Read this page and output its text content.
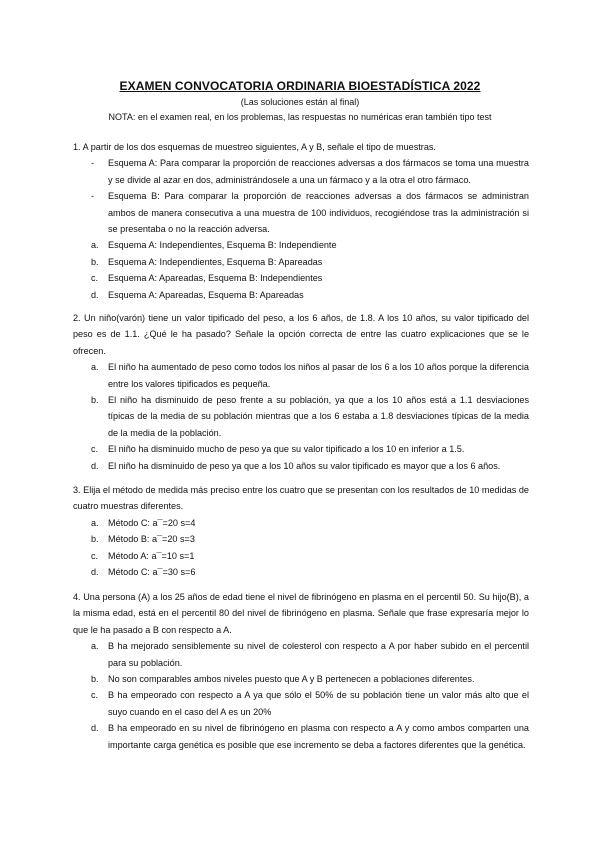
EXAMEN CONVOCATORIA ORDINARIA BIOESTADÍSTICA 2022
(Las soluciones están al final)
NOTA: en el examen real, en los problemas, las respuestas no numéricas eran también tipo test

1. A partir de los dos esquemas de muestreo siguientes, A y B, señale el tipo de muestras.

- Esquema A: Para comparar la proporción de reacciones adversas a dos fármacos se toma una muestra y se divide al azar en dos, administrándosele a una un fármaco y a la otra el otro fármaco.
- Esquema B: Para comparar la proporción de reacciones adversas a dos fármacos se administran ambos de manera consecutiva a una muestra de 100 individuos, recogiéndose tras la administración si se presentaba o no la reacción adversa.
a. Esquema A: Independientes, Esquema B: Independiente
b. Esquema A: Independientes, Esquema B: Apareadas
c. Esquema A: Apareadas, Esquema B: Independientes
d. Esquema A: Apareadas, Esquema B: Apareadas

2. Un niño(varón) tiene un valor tipificado del peso, a los 6 años, de 1.8. A los 10 años, su valor tipificado del peso es de 1.1. ¿Qué le ha pasado? Señale la opción correcta de entre las cuatro explicaciones que se le ofrecen.

a. El niño ha aumentado de peso como todos los niños al pasar de los 6 a los 10 años porque la diferencia entre los valores tipificados es pequeña.
b. El niño ha disminuido de peso frente a su población, ya que a los 10 años está a 1.1 desviaciones típicas de la media de su población mientras que a los 6 estaba a 1.8 desviaciones típicas de la media de la media de la población.
c. El niño ha disminuido mucho de peso ya que su valor tipificado a los 10 en inferior a 1.5.
d. El niño ha disminuido de peso ya que a los 10 años su valor tipificado es mayor que a los 6 años.

3. Elija el método de medida más preciso entre los cuatro que se presentan con los resultados de 10 medidas de cuatro muestras diferentes.

a. Método C: a¯=20 s=4
b. Método B: a¯=20 s=3
c. Método A: a¯=10 s=1
d. Método C: a¯=30 s=6

4. Una persona (A) a los 25 años de edad tiene el nivel de fibrinógeno en plasma en el percentil 50. Su hijo(B), a la misma edad, está en el percentil 80 del nivel de fibrinógeno en plasma. Señale que frase expresaría mejor lo que le ha pasado a B con respecto a A.

a. B ha mejorado sensiblemente su nivel de colesterol con respecto a A por haber subido en el percentil para su población.
b. No son comparables ambos niveles puesto que A y B pertenecen a poblaciones diferentes.
c. B ha empeorado con respecto a A ya que sólo el 50% de su población tiene un valor más alto que el suyo cuando en el caso del A es un 20%
d. B ha empeorado en su nivel de fibrinógeno en plasma con respecto a A y como ambos comparten una importante carga genética es posible que ese incremento se deba a factores diferentes que la genética.
